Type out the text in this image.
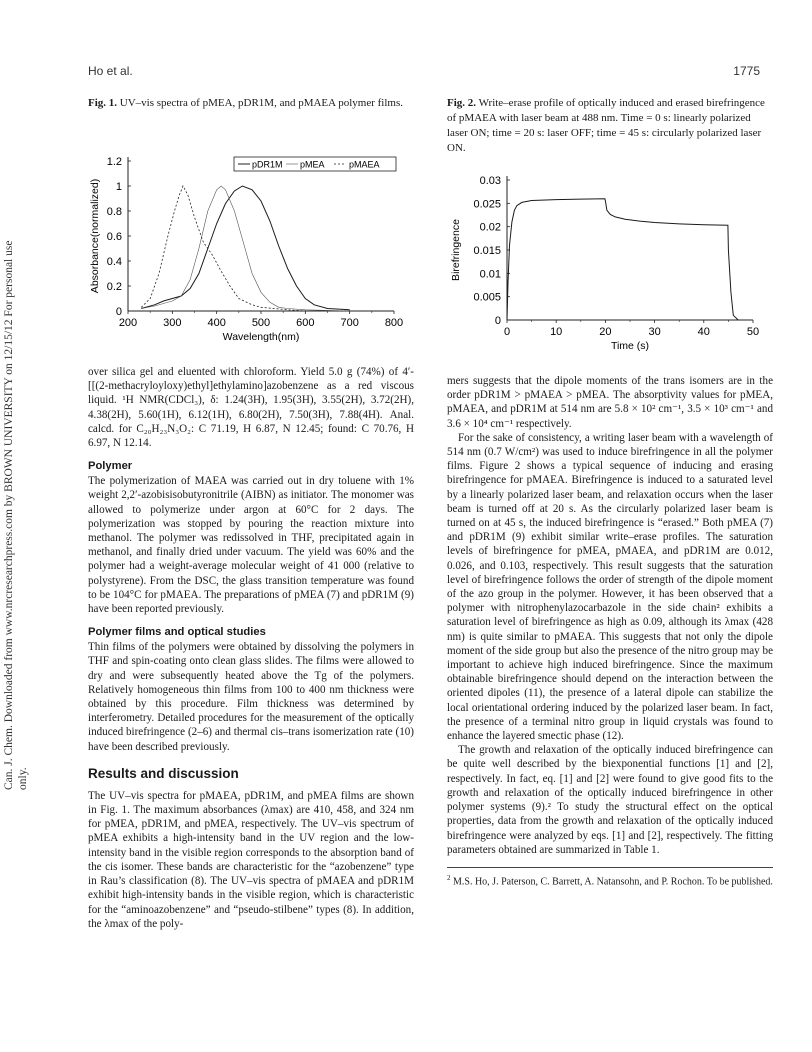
Can. J. Chem. Downloaded from www.nrcresearchpress.com by BROWN UNIVERSITY on 12/15/12 For personal use only.
Ho et al.	1775
Fig. 1. UV–vis spectra of pMEA, pDR1M, and pMAEA polymer films.
200 300 400 500 600 700 800
0
0.2
0.4
0.6
0.8
1
1.2
Wavelength(nm)
Absorbance(normalized)
pDR1M pMEA	pMAEA

over silica gel and eluented with chloroform. Yield 5.0 g (74%) of 4′-[[(2-methacryloyloxy)ethyl]ethylamino]azobenzene as a red viscous liquid. ¹H NMR(CDCl₃), δ: 1.24(3H), 1.95(3H), 3.55(2H), 3.72(2H), 4.38(2H), 5.60(1H), 6.12(1H), 6.80(2H), 7.50(3H), 7.88(4H). Anal. calcd. for C₂₀H₂₃N₃O₂: C 71.19, H 6.87, N 12.45; found: C 70.76, H 6.97, N 12.14.

Polymer

The polymerization of MAEA was carried out in dry toluene with 1% weight 2,2′-azobisisobutyronitrile (AIBN) as initiator. The monomer was allowed to polymerize under argon at 60°C for 2 days. The polymerization was stopped by pouring the reaction mixture into methanol. The polymer was redissolved in THF, precipitated again in methanol, and finally dried under vacuum. The yield was 60% and the polymer had a weight-average molecular weight of 41 000 (relative to polystyrene). From the DSC, the glass transition temperature was found to be 104°C for pMAEA. The preparations of pMEA (7) and pDR1M (9) have been reported previously.

Polymer films and optical studies

Thin films of the polymers were obtained by dissolving the polymers in THF and spin-coating onto clean glass slides. The films were allowed to dry and were subsequently heated above the Tg of the polymers. Relatively homogeneous thin films from 100 to 400 nm thickness were obtained by this procedure. Film thickness was determined by interferometry. Detailed procedures for the measurement of the optically induced birefringence (2–6) and thermal cis–trans isomerization rate (10) have been described previously.

Results and discussion

The UV–vis spectra for pMAEA, pDR1M, and pMEA films are shown in Fig. 1. The maximum absorbances (λmax) are 410, 458, and 324 nm for pMEA, pDR1M, and pMEA, respectively. The UV–vis spectrum of pMEA exhibits a high-intensity band in the UV region and the low-intensity band in the visible region corresponds to the absorption band of the cis isomer. These bands are characteristic for the “azobenzene” type in Rau’s classification (8). The UV–vis spectra of pMAEA and pDR1M exhibit high-intensity bands in the visible region, which is characteristic for the “aminoazobenzene” and “pseudo-stilbene” types (8). In addition, the λmax of the poly-

Fig. 2. Write–erase profile of optically induced and erased birefringence of pMAEA with laser beam at 488 nm. Time = 0 s: linearly polarized laser ON; time = 20 s: laser OFF; time = 45 s: circularly polarized laser ON.
0	10	20	30	40	50
0
0.005
0.01
0.015
0.02
0.025
0.03
Time (s)
Birefringence

mers suggests that the dipole moments of the trans isomers are in the order pDR1M > pMAEA > pMEA. The absorptivity values for pMEA, pMAEA, and pDR1M at 514 nm are 5.8 × 10² cm⁻¹, 3.5 × 10³ cm⁻¹ and 3.6 × 10⁴ cm⁻¹ respectively.

For the sake of consistency, a writing laser beam with a wavelength of 514 nm (0.7 W/cm²) was used to induce birefringence in all the polymer films. Figure 2 shows a typical sequence of inducing and erasing birefringence for pMAEA. Birefringence is induced to a saturated level by a linearly polarized laser beam, and relaxation occurs when the laser beam is turned off at 20 s. As the circularly polarized laser beam is turned on at 45 s, the induced birefringence is “erased.” Both pMEA (7) and pDR1M (9) exhibit similar write–erase profiles. The saturation levels of birefringence for pMEA, pMAEA, and pDR1M are 0.012, 0.026, and 0.103, respectively. This result suggests that the saturation level of birefringence follows the order of strength of the dipole moment of the azo group in the polymer. However, it has been observed that a polymer with nitrophenylazocarbazole in the side chain² exhibits a saturation level of birefringence as high as 0.09, although its λmax (428 nm) is quite similar to pMAEA. This suggests that not only the dipole moment of the side group but also the presence of the nitro group may be important to achieve high induced birefringence. Since the maximum obtainable birefringence should depend on the interaction between the oriented dipoles (11), the presence of a lateral dipole can stabilize the local orientational ordering induced by the polarized laser beam. In fact, the presence of a terminal nitro group in liquid crystals was found to enhance the layered smectic phase (12).

The growth and relaxation of the optically induced birefringence can be quite well described by the biexponential functions [1] and [2], respectively. In fact, eq. [1] and [2] were found to give good fits to the growth and relaxation of the optically induced birefringence in other polymer systems (9).² To study the structural effect on the optical properties, data from the growth and relaxation of the optically induced birefringence were analyzed by eqs. [1] and [2], respectively. The fitting parameters obtained are summarized in Table 1.

$^2$ M.S. Ho, J. Paterson, C. Barrett, A. Natansohn, and P. Rochon. To be published.
